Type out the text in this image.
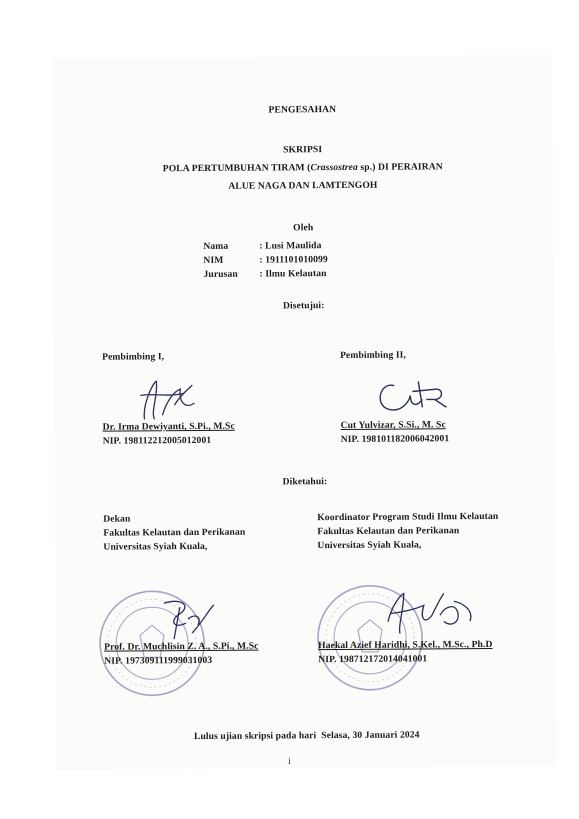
PENGESAHAN
SKRIPSI
POLA PERTUMBUHAN TIRAM (Crassostrea sp.) DI PERAIRAN
ALUE NAGA DAN LAMTENGOH
Oleh
Nama	: Lusi Maulida
NIM	: 1911101010099
Jurusan : Ilmu Kelautan
Disetujui:
Pembimbing I,	Pembimbing II,
Dr. Irma Dewiyanti, S.Pi., M.Sc
NIP. 198112212005012001
Cut Yulvizar, S.Si., M. Sc
NIP. 198101182006042001
Diketahui:
Dekan
Fakultas Kelautan dan Perikanan
Universitas Syiah Kuala,
Koordinator Program Studi Ilmu Kelautan
Fakultas Kelautan dan Perikanan
Universitas Syiah Kuala,
Prof. Dr. Muchlisin Z. A., S.Pi., M.Sc
NIP. 197309111999031003
Haekal Azief Haridhi, S.Kel., M.Sc., Ph.D
NIP. 198712172014041001
Lulus ujian skripsi pada hari  Selasa, 30 Januari 2024
i
